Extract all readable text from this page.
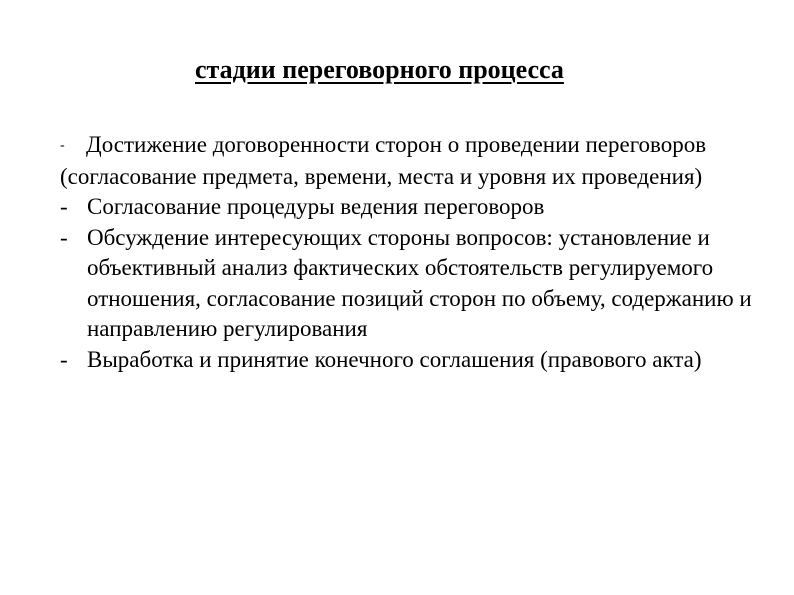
стадии переговорного процесса
- Достижение договоренности сторон о проведении переговоров (согласование предмета, времени, места и уровня их проведения)
- Согласование процедуры ведения переговоров
- Обсуждение интересующих стороны вопросов: установление и объективный анализ фактических обстоятельств регулируемого отношения, согласование позиций сторон по объему, содержанию и направлению регулирования
- Выработка и принятие конечного соглашения (правового акта)
